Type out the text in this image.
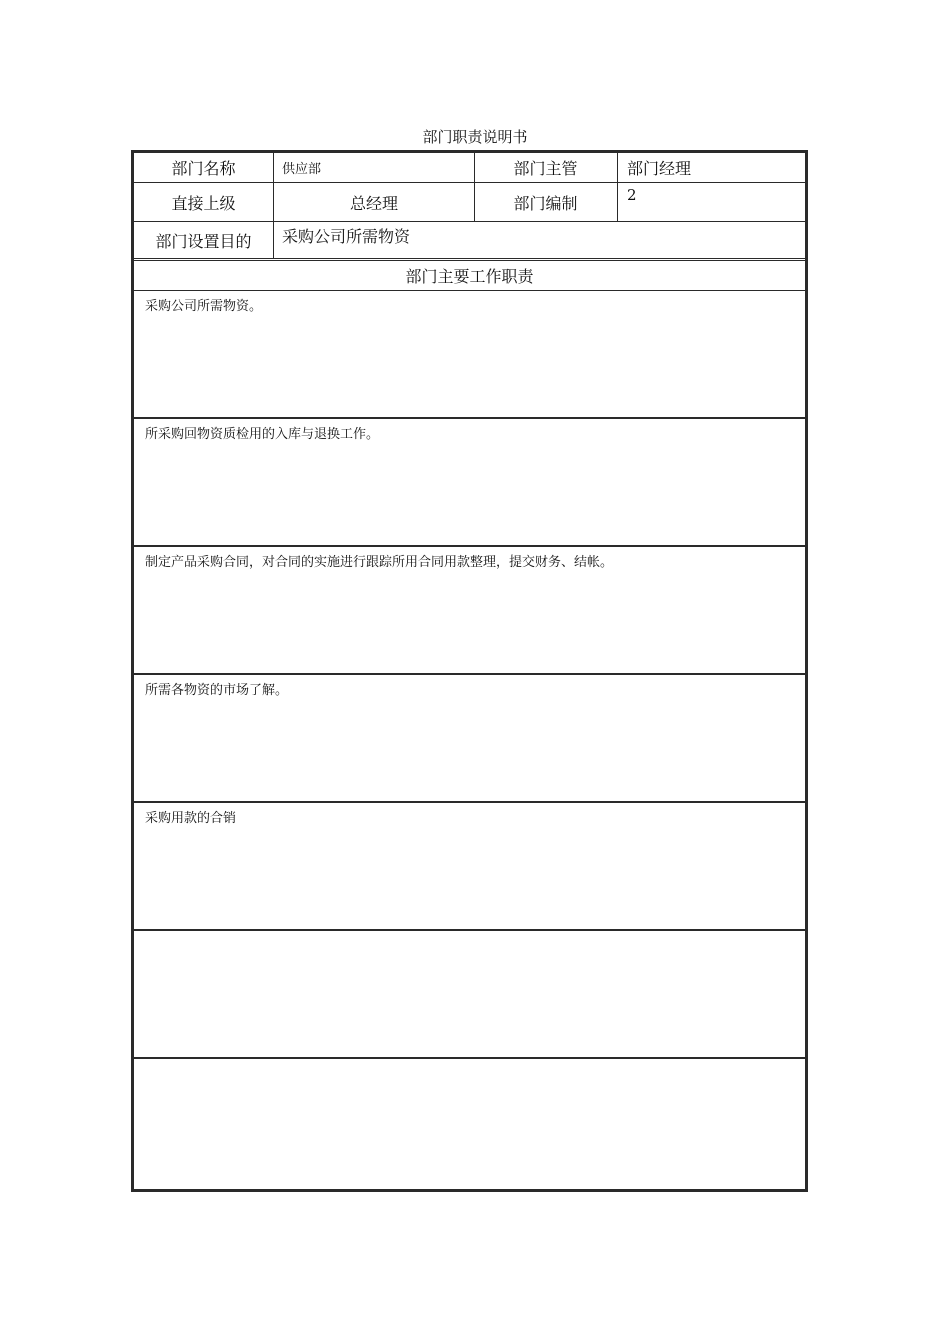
部门职责说明书
部门名称	供应部	部门主管	部门经理
直接上级	总经理	部门编制	2
部门设置目的	采购公司所需物资
部门主要工作职责
采购公司所需物资。
所采购回物资质检用的入库与退换工作。
制定产品采购合同，对合同的实施进行跟踪所用合同用款整理，提交财务、结帐。
所需各物资的市场了解。
采购用款的合销
